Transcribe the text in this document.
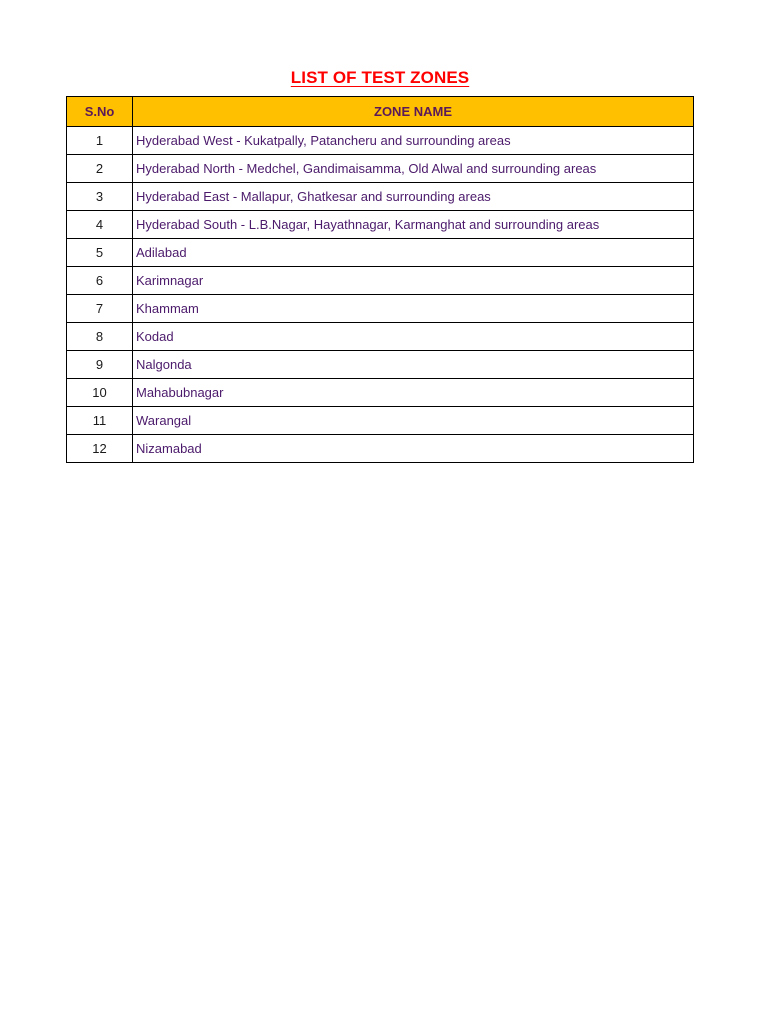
LIST OF TEST ZONES
S.No	ZONE NAME
1	Hyderabad West - Kukatpally, Patancheru and surrounding areas
2	Hyderabad North - Medchel, Gandimaisamma, Old Alwal and surrounding areas
3	Hyderabad East - Mallapur, Ghatkesar and surrounding areas
4	Hyderabad South - L.B.Nagar, Hayathnagar, Karmanghat and surrounding areas
5	Adilabad
6	Karimnagar
7	Khammam
8	Kodad
9	Nalgonda
10	Mahabubnagar
11	Warangal
12	Nizamabad
